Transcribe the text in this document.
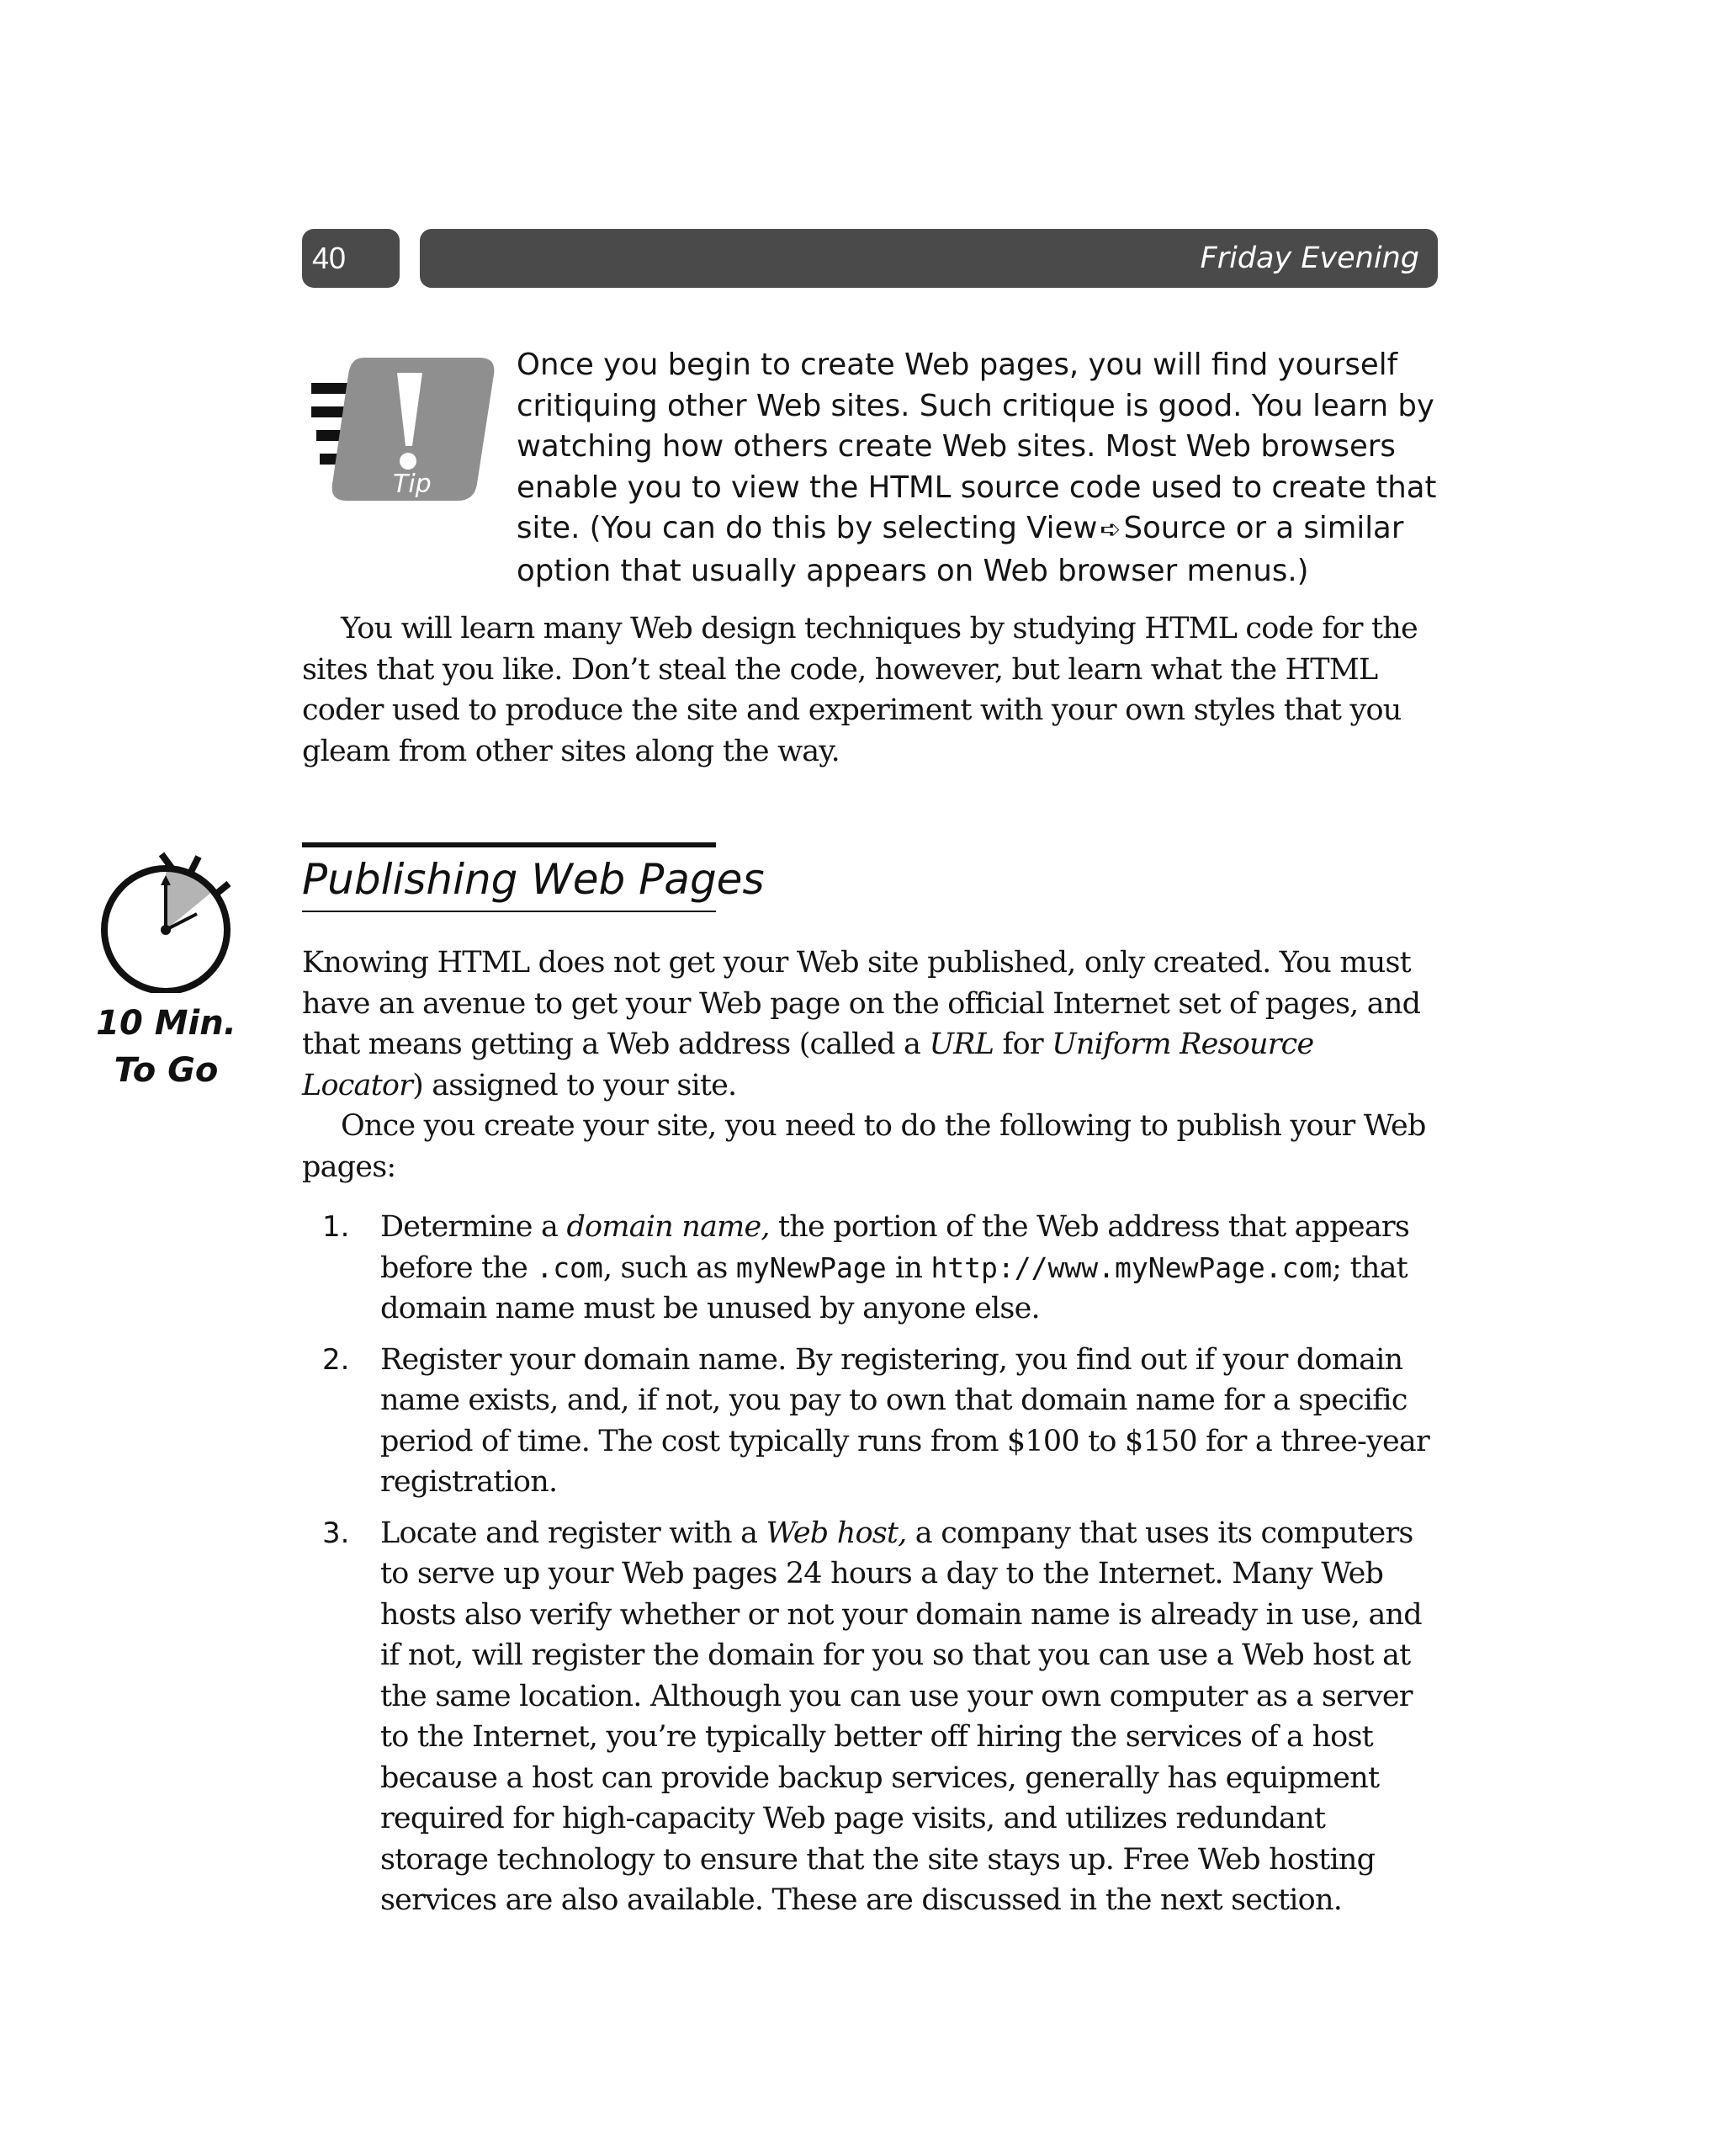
40	Friday Evening
Tip

Once you begin to create Web pages, you will find yourself critiquing other Web sites. Such critique is good. You learn by watching how others create Web sites. Most Web browsers enable you to view the HTML source code used to create that site. (You can do this by selecting View ➪Source or a similar option that usually appears on Web browser menus.)

You will learn many Web design techniques by studying HTML code for the sites that you like. Don’t steal the code, however, but learn what the HTML coder used to produce the site and experiment with your own styles that you gleam from other sites along the way.

10 Min.
To Go
Publishing Web Pages

Knowing HTML does not get your Web site published, only created. You must have an avenue to get your Web page on the official Internet set of pages, and that means getting a Web address (called a URL for Uniform Resource Locator) assigned to your site.

Once you create your site, you need to do the following to publish your Web pages:

1. Determine a domain name, the portion of the Web address that appears before the .com, such as myNewPage in http://www.myNewPage.com; that domain name must be unused by anyone else.
2. Register your domain name. By registering, you find out if your domain name exists, and, if not, you pay to own that domain name for a specific period of time. The cost typically runs from $100 to $150 for a three-year registration.
3. Locate and register with a Web host, a company that uses its computers to serve up your Web pages 24 hours a day to the Internet. Many Web hosts also verify whether or not your domain name is already in use, and if not, will register the domain for you so that you can use a Web host at the same location. Although you can use your own computer as a server to the Internet, you’re typically better off hiring the services of a host because a host can provide backup services, generally has equipment required for high-capacity Web page visits, and utilizes redundant storage technology to ensure that the site stays up. Free Web hosting services are also available. These are discussed in the next section.
